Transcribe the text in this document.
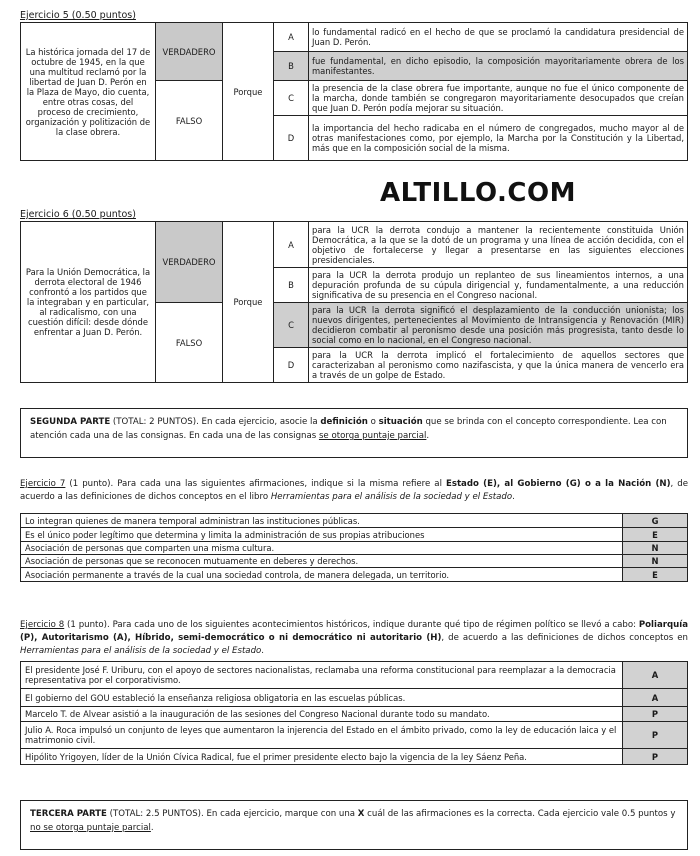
Ejercicio 5 (0.50 puntos)
La histórica jornada del 17 de octubre de 1945, en la que una multitud reclamó por la libertad de Juan D. Perón en la Plaza de Mayo, dio cuenta, entre otras cosas, del proceso de crecimiento, organización y politización de la clase obrera.	VERDADERO	Porque	A	lo fundamental radicó en el hecho de que se proclamó la candidatura presidencial de Juan D. Perón.
			B	fue fundamental, en dicho episodio, la composición mayoritariamente obrera de los manifestantes.
	FALSO		C	la presencia de la clase obrera fue importante, aunque no fue el único componente de la marcha, donde también se congregaron mayoritariamente desocupados que creían que Juan D. Perón podía mejorar su situación.
			D	la importancia del hecho radicaba en el número de congregados, mucho mayor al de otras manifestaciones como, por ejemplo, la Marcha por la Constitución y la Libertad, más que en la composición social de la misma.
ALTILLO.COM
Ejercicio 6 (0.50 puntos)
Para la Unión Democrática, la derrota electoral de 1946 confrontó a los partidos que la integraban y en particular, al radicalismo, con una cuestión difícil: desde dónde enfrentar a Juan D. Perón.	VERDADERO	Porque	A	para la UCR la derrota condujo a mantener la recientemente constituida Unión Democrática, a la que se la dotó de un programa y una línea de acción decidida, con el objetivo de fortalecerse y llegar a presentarse en las siguientes elecciones presidenciales.
			B	para la UCR la derrota produjo un replanteo de sus lineamientos internos, a una depuración profunda de su cúpula dirigencial y, fundamentalmente, a una reducción significativa de su presencia en el Congreso nacional.
	FALSO		C	para la UCR la derrota significó el desplazamiento de la conducción unionista; los nuevos dirigentes, pertenecientes al Movimiento de Intransigencia y Renovación (MIR) decidieron combatir al peronismo desde una posición más progresista, tanto desde lo social como en lo nacional, en el Congreso nacional.
			D	para la UCR la derrota implicó el fortalecimiento de aquellos sectores que caracterizaban al peronismo como nazifascista, y que la única manera de vencerlo era a través de un golpe de Estado.
SEGUNDA PARTE (TOTAL: 2 PUNTOS). En cada ejercicio, asocie la definición o situación que se brinda con el concepto correspondiente. Lea con atención cada una de las consignas. En cada una de las consignas se otorga puntaje parcial.
Ejercicio 7 (1 punto). Para cada una las siguientes afirmaciones, indique si la misma refiere al Estado (E), al Gobierno (G) o a la Nación (N), de acuerdo a las definiciones de dichos conceptos en el libro Herramientas para el análisis de la sociedad y el Estado.
Lo integran quienes de manera temporal administran las instituciones públicas.	G
Es el único poder legítimo que determina y limita la administración de sus propias atribuciones	E
Asociación de personas que comparten una misma cultura.	N
Asociación de personas que se reconocen mutuamente en deberes y derechos.	N
Asociación permanente a través de la cual una sociedad controla, de manera delegada, un territorio.	E
Ejercicio 8 (1 punto). Para cada uno de los siguientes acontecimientos históricos, indique durante qué tipo de régimen político se llevó a cabo: Poliarquía (P), Autoritarismo (A), Híbrido, semi-democrático o ni democrático ni autoritario (H), de acuerdo a las definiciones de dichos conceptos en Herramientas para el análisis de la sociedad y el Estado.
El presidente José F. Uriburu, con el apoyo de sectores nacionalistas, reclamaba una reforma constitucional para reemplazar a la democracia representativa por el corporativismo.	A
El gobierno del GOU estableció la enseñanza religiosa obligatoria en las escuelas públicas.	A
Marcelo T. de Alvear asistió a la inauguración de las sesiones del Congreso Nacional durante todo su mandato.	P
Julio A. Roca impulsó un conjunto de leyes que aumentaron la injerencia del Estado en el ámbito privado, como la ley de educación laica y el matrimonio civil.	P
Hipólito Yrigoyen, líder de la Unión Cívica Radical, fue el primer presidente electo bajo la vigencia de la ley Sáenz Peña.	P
TERCERA PARTE (TOTAL: 2.5 PUNTOS). En cada ejercicio, marque con una X cuál de las afirmaciones es la correcta. Cada ejercicio vale 0.5 puntos y no se otorga puntaje parcial.
